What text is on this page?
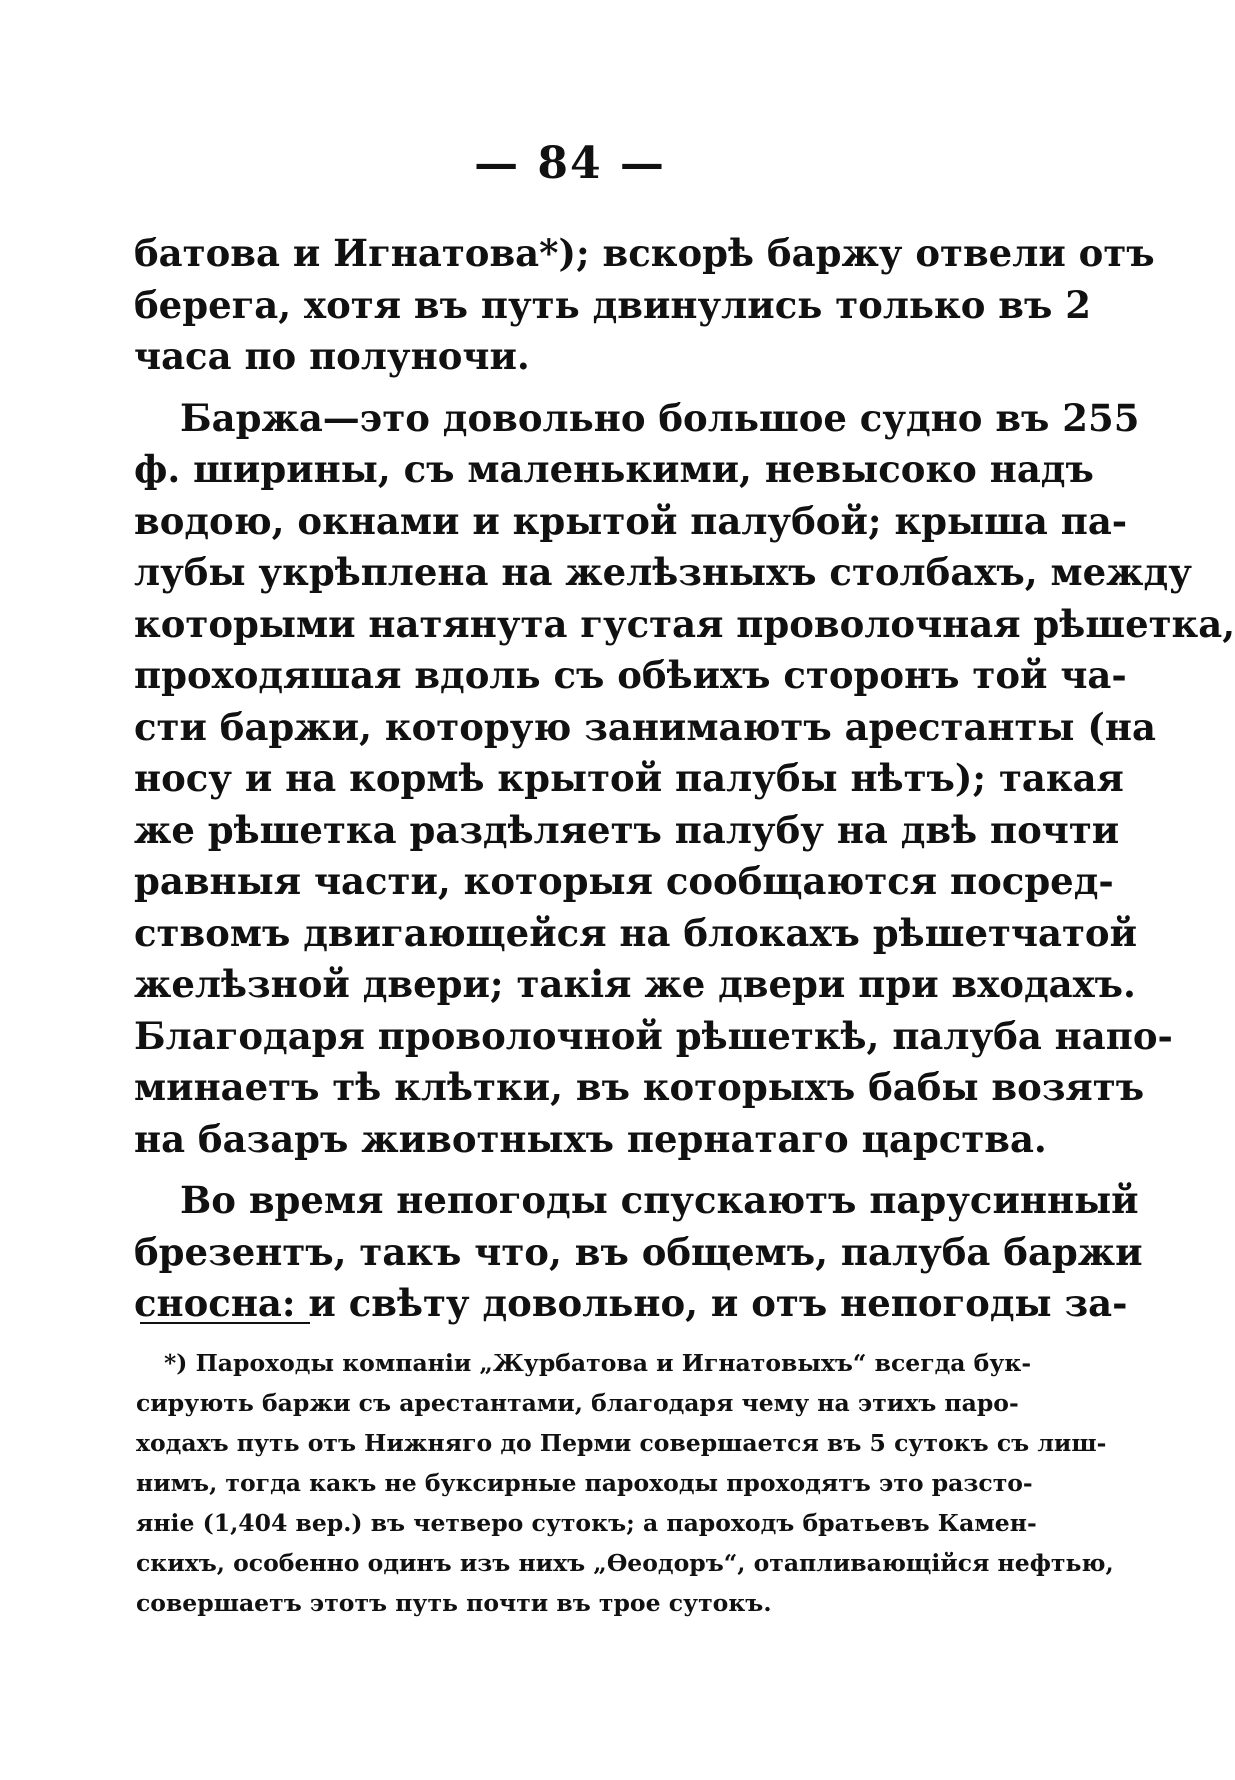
— 84 —
батова и Игнатова*); вскорѣ баржу отвели отъ
берега, хотя въ путь двинулись только въ 2
часа по полуночи.
Баржа—это довольно большое судно въ 255
ф. ширины, съ маленькими, невысоко надъ
водою, окнами и крытой палубой; крыша па-
лубы укрѣплена на желѣзныхъ столбахъ, между
которыми натянута густая проволочная рѣшетка,
проходяшая вдоль съ обѣихъ сторонъ той ча-
сти баржи, которую занимаютъ арестанты (на
носу и на кормѣ крытой палубы нѣтъ); такая
же рѣшетка раздѣляетъ палубу на двѣ почти
равныя части, которыя сообщаются посред-
ствомъ двигающейся на блокахъ рѣшетчатой
желѣзной двери; такія же двери при входахъ.
Благодаря проволочной рѣшеткѣ, палуба напо-
минаетъ тѣ клѣтки, въ которыхъ бабы возятъ
на базаръ животныхъ пернатаго царства.
Во время непогоды спускаютъ парусинный
брезентъ, такъ что, въ общемъ, палуба баржи
сносна: и свѣту довольно, и отъ непогоды за-
*) Пароходы компаніи „Журбатова и Игнатовыхъ“ всегда бук-
сирують баржи съ арестантами, благодаря чему на этихъ паро-
ходахъ путь отъ Нижняго до Перми совершается въ 5 сутокъ съ лиш-
нимъ, тогда какъ не буксирные пароходы проходятъ это разсто-
яніе (1,404 вер.) въ четверо сутокъ; а пароходъ братьевъ Камен-
скихъ, особенно одинъ изъ нихъ „Өеодоръ“, отапливающійся нефтью,
совершаетъ этотъ путь почти въ трое сутокъ.
